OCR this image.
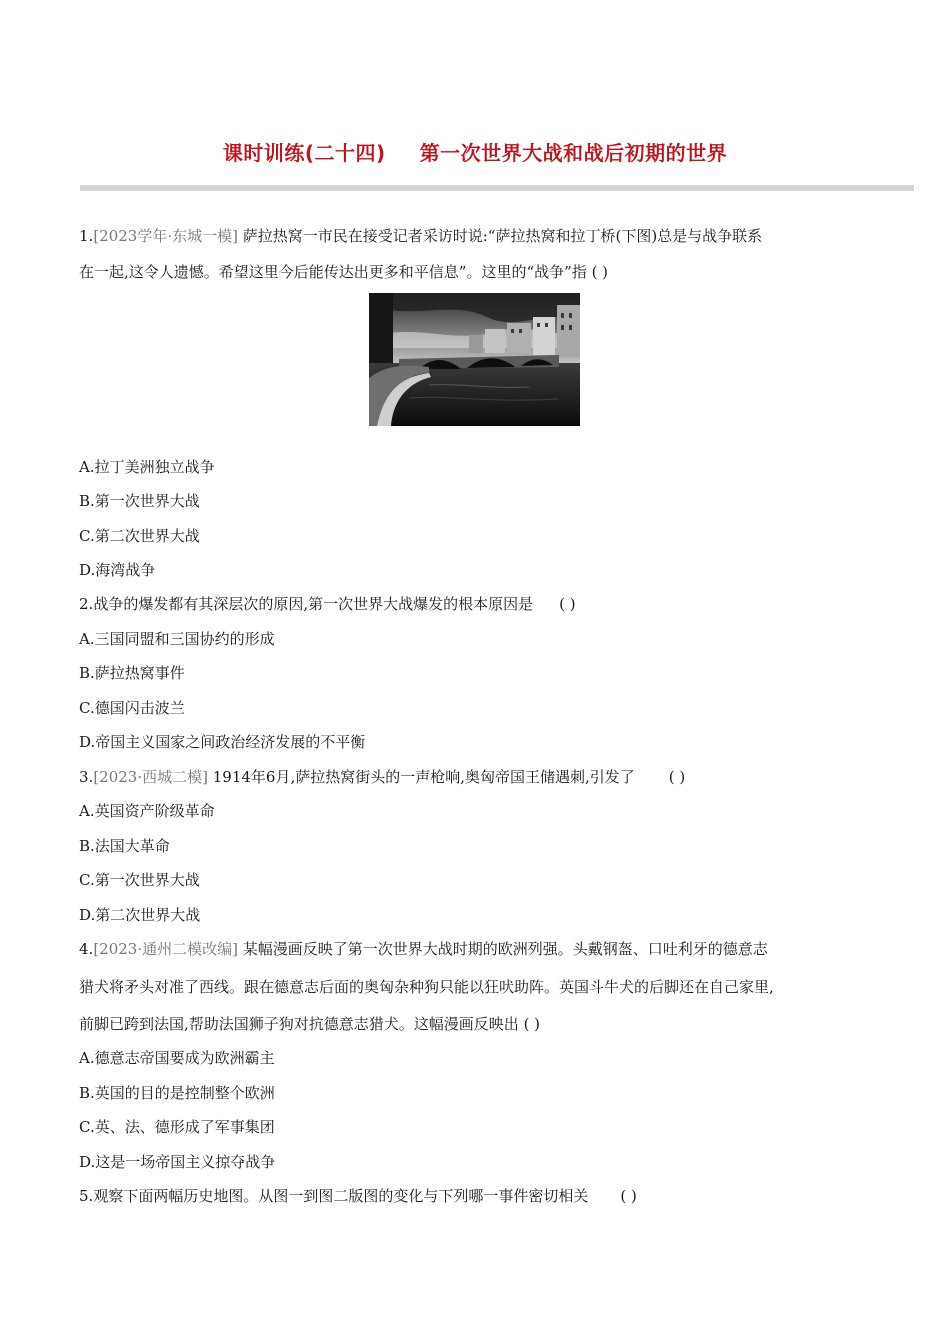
课时训练(二十四) 第一次世界大战和战后初期的世界
1.[2023学年·东城一模] 萨拉热窝一市民在接受记者采访时说:“萨拉热窝和拉丁桥(下图)总是与战争联系
在一起,这令人遗憾。希望这里今后能传达出更多和平信息”。这里的“战争”指 ( )
A.拉丁美洲独立战争
B.第一次世界大战
C.第二次世界大战
D.海湾战争
2.战争的爆发都有其深层次的原因,第一次世界大战爆发的根本原因是 ( )
A.三国同盟和三国协约的形成
B.萨拉热窝事件
C.德国闪击波兰
D.帝国主义国家之间政治经济发展的不平衡
3.[2023·西城二模] 1914年6月,萨拉热窝街头的一声枪响,奥匈帝国王储遇刺,引发了 ( )
A.英国资产阶级革命
B.法国大革命
C.第一次世界大战
D.第二次世界大战
4.[2023·通州二模改编] 某幅漫画反映了第一次世界大战时期的欧洲列强。头戴钢盔、口吐利牙的德意志
猎犬将矛头对准了西线。跟在德意志后面的奥匈杂种狗只能以狂吠助阵。英国斗牛犬的后脚还在自己家里,
前脚已跨到法国,帮助法国狮子狗对抗德意志猎犬。这幅漫画反映出 ( )
A.德意志帝国要成为欧洲霸主
B.英国的目的是控制整个欧洲
C.英、法、德形成了军事集团
D.这是一场帝国主义掠夺战争
5.观察下面两幅历史地图。从图一到图二版图的变化与下列哪一事件密切相关 ( )
